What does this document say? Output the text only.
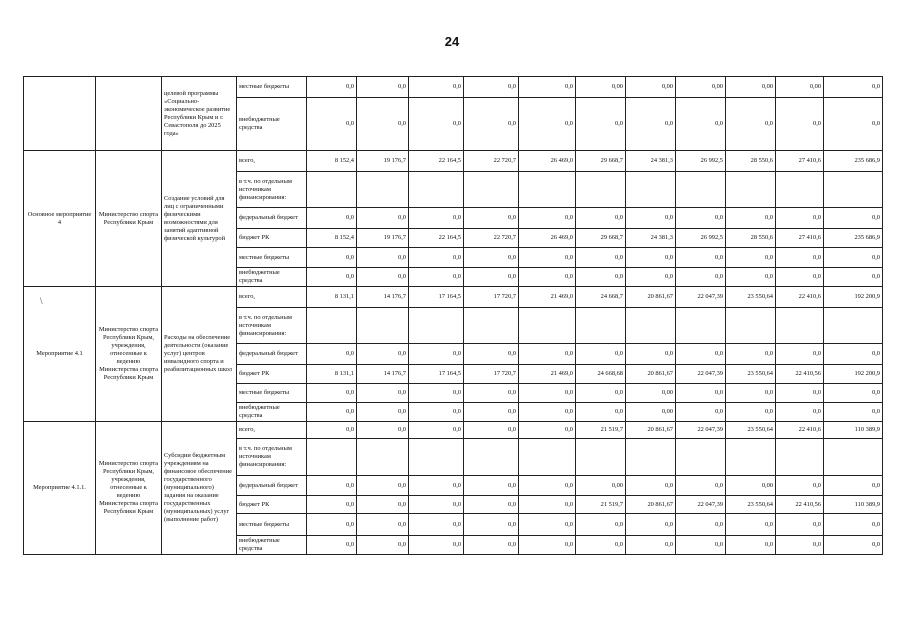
24
\
		целевой программы «Социально-экономическое развитие Республики Крым и г. Севастополя до 2025 года»	местные бюджеты	0,0	0,0	0,0	0,0	0,0	0,00	0,00	0,00	0,00	0,00	0,0
			внебюджетные средства	0,0	0,0	0,0	0,0	0,0	0,0	0,0	0,0	0,0	0,0	0,0
Основное мероприятие 4	Министерство спорта Республики Крым	Создание условий для лиц с ограниченными физическими возможностями для занятий адаптивной физической культурой	всего,	8 152,4	19 176,7	22 164,5	22 720,7	26 469,0	29 668,7	24 381,3	26 992,5	28 550,6	27 410,6	235 686,9
			в т.ч. по отдельным источникам финансирования:											
			федеральный бюджет	0,0	0,0	0,0	0,0	0,0	0,0	0,0	0,0	0,0	0,0	0,0
			бюджет РК	8 152,4	19 176,7	22 164,5	22 720,7	26 469,0	29 668,7	24 381,3	26 992,5	28 550,6	27 410,6	235 686,9
			местные бюджеты	0,0	0,0	0,0	0,0	0,0	0,0	0,0	0,0	0,0	0,0	0,0
			внебюджетные средства	0,0	0,0	0,0	0,0	0,0	0,0	0,0	0,0	0,0	0,0	0,0
Мероприятие 4.1	Министерство спорта Республики Крым, учреждения, отнесенные к ведению Министерства спорта Республики Крым	Расходы на обеспечение деятельности (оказание услуг) центров инвалидного спорта и реабилитационных школ	всего,	8 131,1	14 176,7	17 164,5	17 720,7	21 469,0	24 668,7	20 861,67	22 047,39	23 550,64	22 410,6	192 200,9
			в т.ч. по отдельным источникам финансирования:											
			федеральный бюджет	0,0	0,0	0,0	0,0	0,0	0,0	0,0	0,0	0,0	0,0	0,0
			бюджет РК	8 131,1	14 176,7	17 164,5	17 720,7	21 469,0	24 668,68	20 861,67	22 047,39	23 550,64	22 410,56	192 200,9
			местные бюджеты	0,0	0,0	0,0	0,0	0,0	0,0	0,00	0,0	0,0	0,0	0,0
			внебюджетные средства	0,0	0,0	0,0	0,0	0,0	0,0	0,00	0,0	0,0	0,0	0,0
Мероприятие 4.1.1.	Министерство спорта Республики Крым, учреждения, отнесенные к ведению Министерства спорта Республики Крым	Субсидии бюджетным учреждениям на финансовое обеспечение государственного (муниципального) задания на оказание государственных (муниципальных) услуг (выполнение работ)	всего,	0,0	0,0	0,0	0,0	0,0	21 519,7	20 861,67	22 047,39	23 550,64	22 410,6	110 389,9
			в т.ч. по отдельным источникам финансирования:											
			федеральный бюджет	0,0	0,0	0,0	0,0	0,0	0,00	0,0	0,0	0,00	0,0	0,0
			бюджет РК	0,0	0,0	0,0	0,0	0,0	21 519,7	20 861,67	22 047,39	23 550,64	22 410,56	110 389,9
			местные бюджеты	0,0	0,0	0,0	0,0	0,0	0,0	0,0	0,0	0,0	0,0	0,0
			внебюджетные средства	0,0	0,0	0,0	0,0	0,0	0,0	0,0	0,0	0,0	0,0	0,0
